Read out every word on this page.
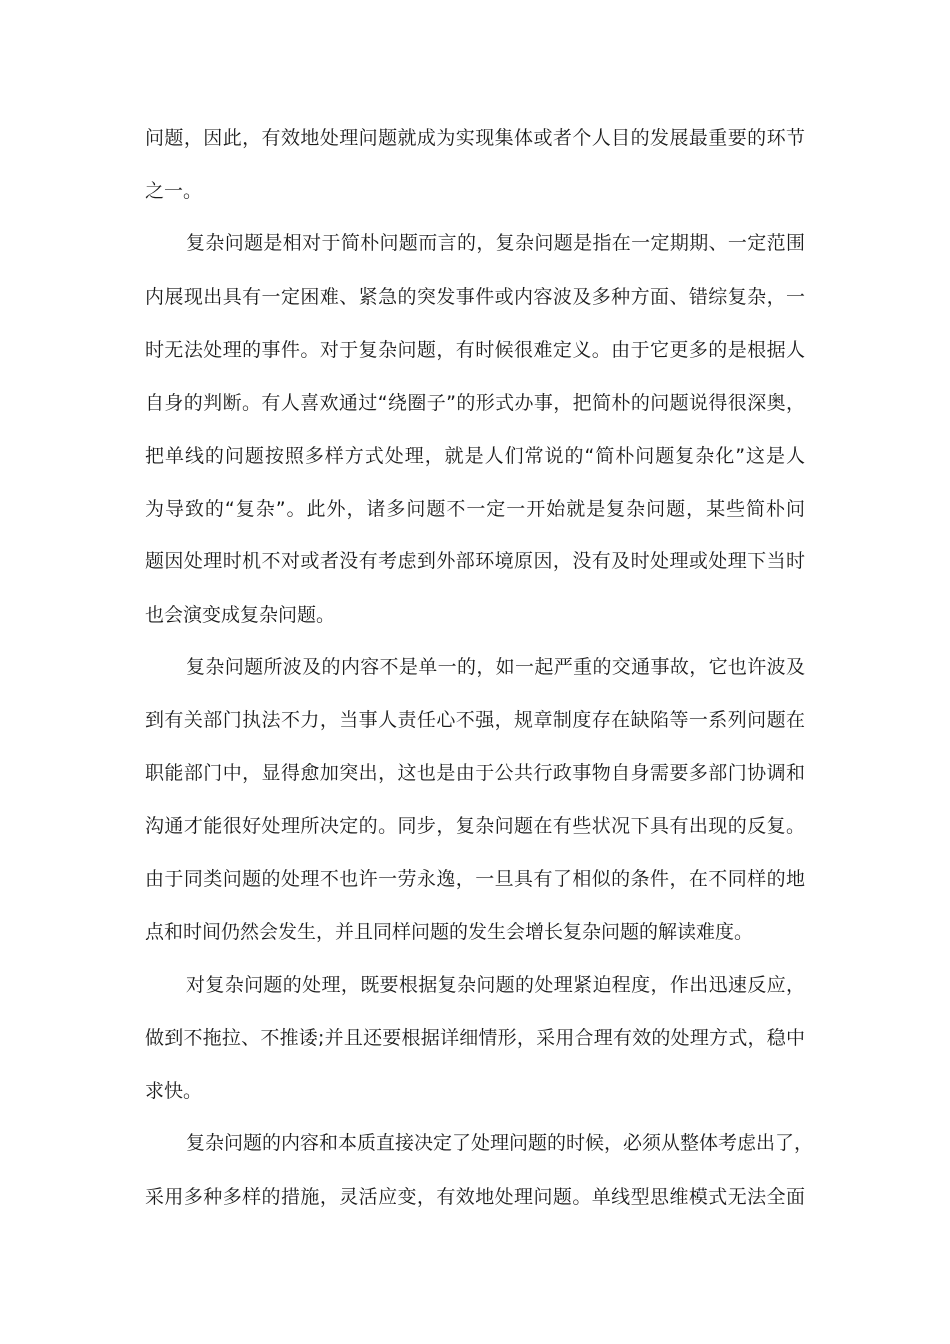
问题，因此，有效地处理问题就成为实现集体或者个人目的发展最重要的环节
之一。
复杂问题是相对于简朴问题而言的，复杂问题是指在一定期期、一定范围
内展现出具有一定困难、紧急的突发事件或内容波及多种方面、错综复杂，一
时无法处理的事件。对于复杂问题，有时候很难定义。由于它更多的是根据人
自身的判断。有人喜欢通过“绕圈子”的形式办事，把简朴的问题说得很深奥，
把单线的问题按照多样方式处理，就是人们常说的“简朴问题复杂化”这是人
为导致的“复杂”。此外，诸多问题不一定一开始就是复杂问题，某些简朴问
题因处理时机不对或者没有考虑到外部环境原因，没有及时处理或处理下当时
也会演变成复杂问题。
复杂问题所波及的内容不是单一的，如一起严重的交通事故，它也许波及
到有关部门执法不力，当事人责任心不强，规章制度存在缺陷等一系列问题在
职能部门中，显得愈加突出，这也是由于公共行政事物自身需要多部门协调和
沟通才能很好处理所决定的。同步，复杂问题在有些状况下具有出现的反复。
由于同类问题的处理不也许一劳永逸，一旦具有了相似的条件，在不同样的地
点和时间仍然会发生，并且同样问题的发生会增长复杂问题的解读难度。
对复杂问题的处理，既要根据复杂问题的处理紧迫程度，作出迅速反应，
做到不拖拉、不推诿;并且还要根据详细情形，采用合理有效的处理方式，稳中
求快。
复杂问题的内容和本质直接决定了处理问题的时候，必须从整体考虑出了，
采用多种多样的措施，灵活应变，有效地处理问题。单线型思维模式无法全面
